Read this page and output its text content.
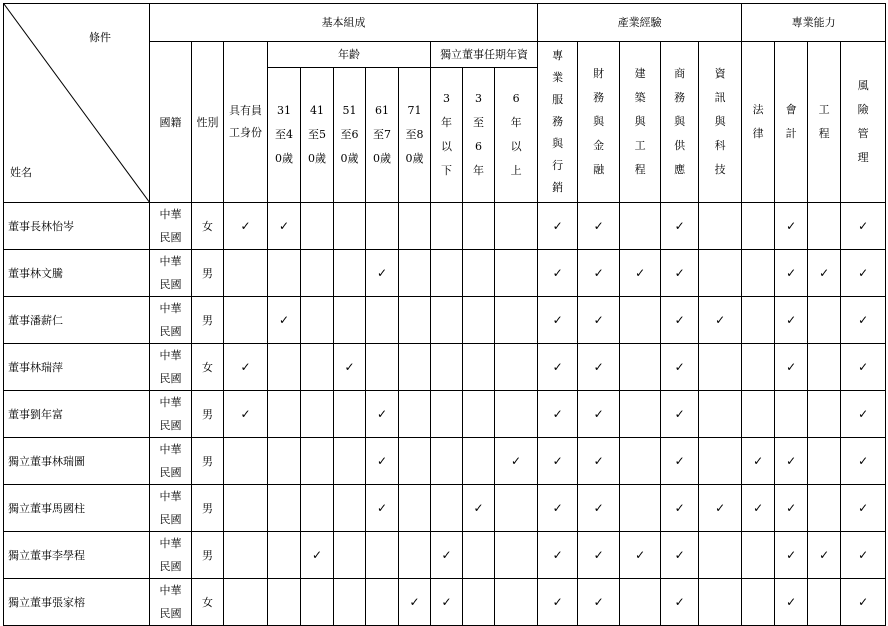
條件
姓名	基本組成											產業經驗					專業能力			
	國籍	性別	具有員工身份	年齡					獨立董事任期年資			專業服務與行銷	財務與金融	建築與工程	商務與供應	資訊與科技	法律	會計	工程	風險管理
				31至40歲	41至50歲	51至60歲	61至70歲	71至80歲	3年以下	3至6年	6年以上									
董事長林怡岑	中華民國	女	✓	✓								✓	✓		✓			✓		✓
董事林文騰	中華民國	男					✓					✓	✓	✓	✓			✓	✓	✓
董事潘薪仁	中華民國	男		✓								✓	✓		✓	✓		✓		✓
董事林瑞萍	中華民國	女	✓			✓						✓	✓		✓			✓		✓
董事劉年富	中華民國	男	✓				✓					✓	✓		✓					✓
獨立董事林瑞圖	中華民國	男					✓				✓	✓	✓		✓		✓	✓		✓
獨立董事馬國柱	中華民國	男					✓			✓		✓	✓		✓	✓	✓	✓		✓
獨立董事李學程	中華民國	男			✓				✓			✓	✓	✓	✓			✓	✓	✓
獨立董事張家榕	中華民國	女						✓	✓			✓	✓		✓			✓		✓
